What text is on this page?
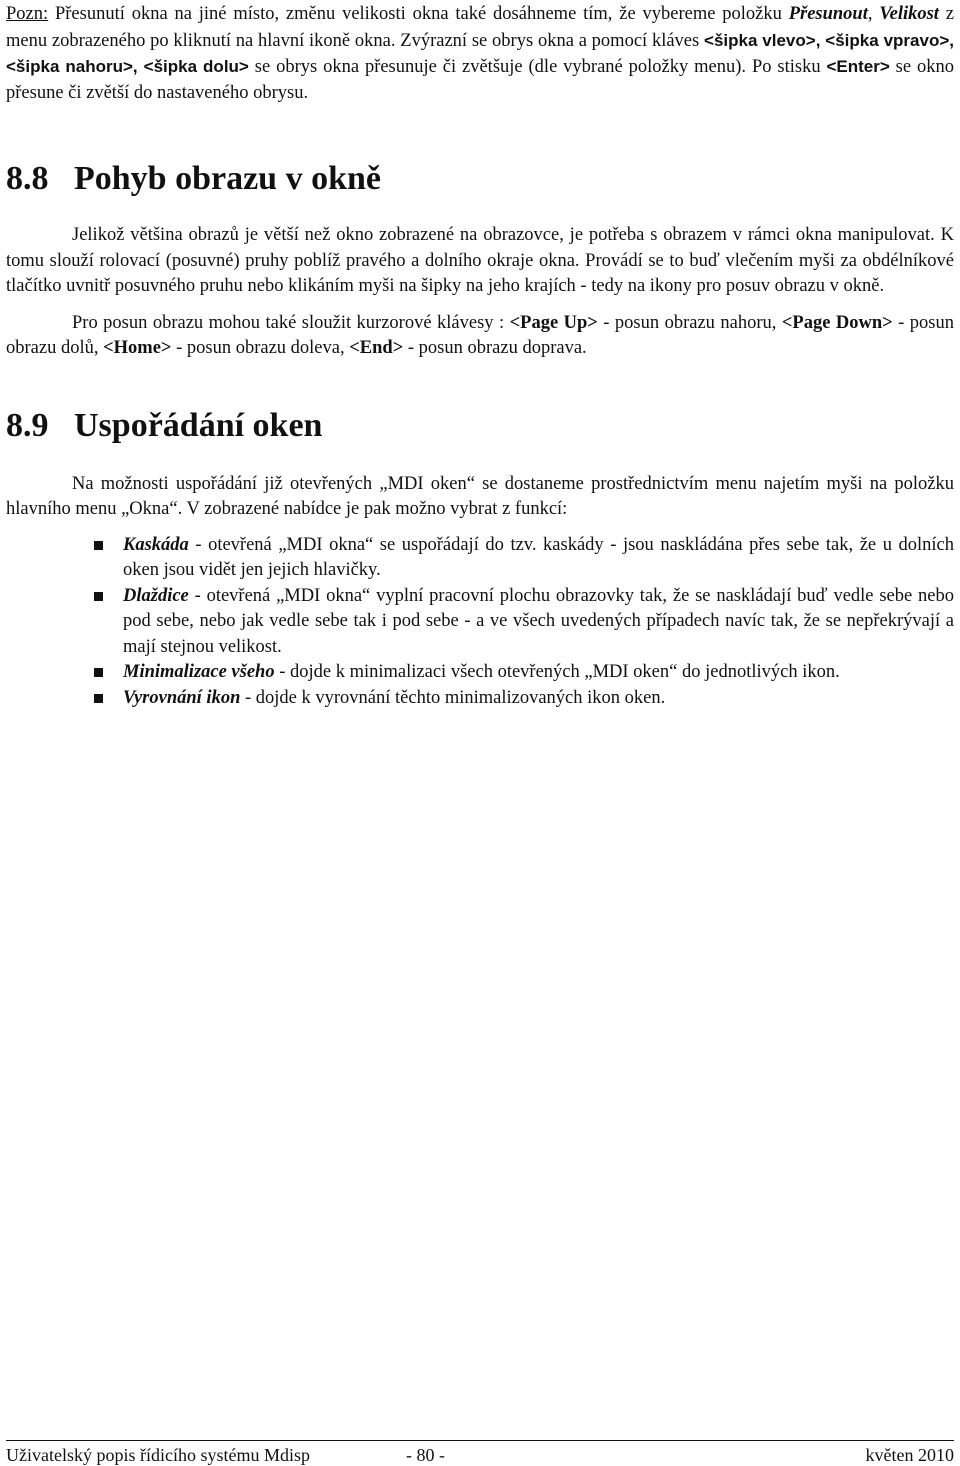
Pozn: Přesunutí okna na jiné místo, změnu velikosti okna také dosáhneme tím, že vybereme položku Přesunout, Velikost z menu zobrazeného po kliknutí na hlavní ikoně okna. Zvýrazní se obrys okna a pomocí kláves <šipka vlevo>, <šipka vpravo>, <šipka nahoru>, <šipka dolu> se obrys okna přesunuje či zvětšuje (dle vybrané položky menu). Po stisku <Enter> se okno přesune či zvětší do nastaveného obrysu.

8.8 Pohyb obrazu v okně

Jelikož většina obrazů je větší než okno zobrazené na obrazovce, je potřeba s obrazem v rámci okna manipulovat. K tomu slouží rolovací (posuvné) pruhy poblíž pravého a dolního okraje okna. Provádí se to buď vlečením myši za obdélníkové tlačítko uvnitř posuvného pruhu nebo klikáním myši na šipky na jeho krajích - tedy na ikony pro posuv obrazu v okně.

Pro posun obrazu mohou také sloužit kurzorové klávesy : <Page Up> - posun obrazu nahoru, <Page Down> - posun obrazu dolů, <Home> - posun obrazu doleva, <End> - posun obrazu doprava.

8.9 Uspořádání oken

Na možnosti uspořádání již otevřených „MDI oken“ se dostaneme prostřednictvím menu najetím myši na položku hlavního menu „Okna“. V zobrazené nabídce je pak možno vybrat z funkcí:

Kaskáda - otevřená „MDI okna“ se uspořádají do tzv. kaskády - jsou naskládána přes sebe tak, že u dolních oken jsou vidět jen jejich hlavičky.
Dlaždice - otevřená „MDI okna“ vyplní pracovní plochu obrazovky tak, že se naskládají buď vedle sebe nebo pod sebe, nebo jak vedle sebe tak i pod sebe - a ve všech uvedených případech navíc tak, že se nepřekrývají a mají stejnou velikost.
Minimalizace všeho - dojde k minimalizaci všech otevřených „MDI oken“ do jednotlivých ikon.
Vyrovnání ikon - dojde k vyrovnání těchto minimalizovaných ikon oken.
Uživatelský popis řídicího systému Mdisp	- 80 -	květen 2010
